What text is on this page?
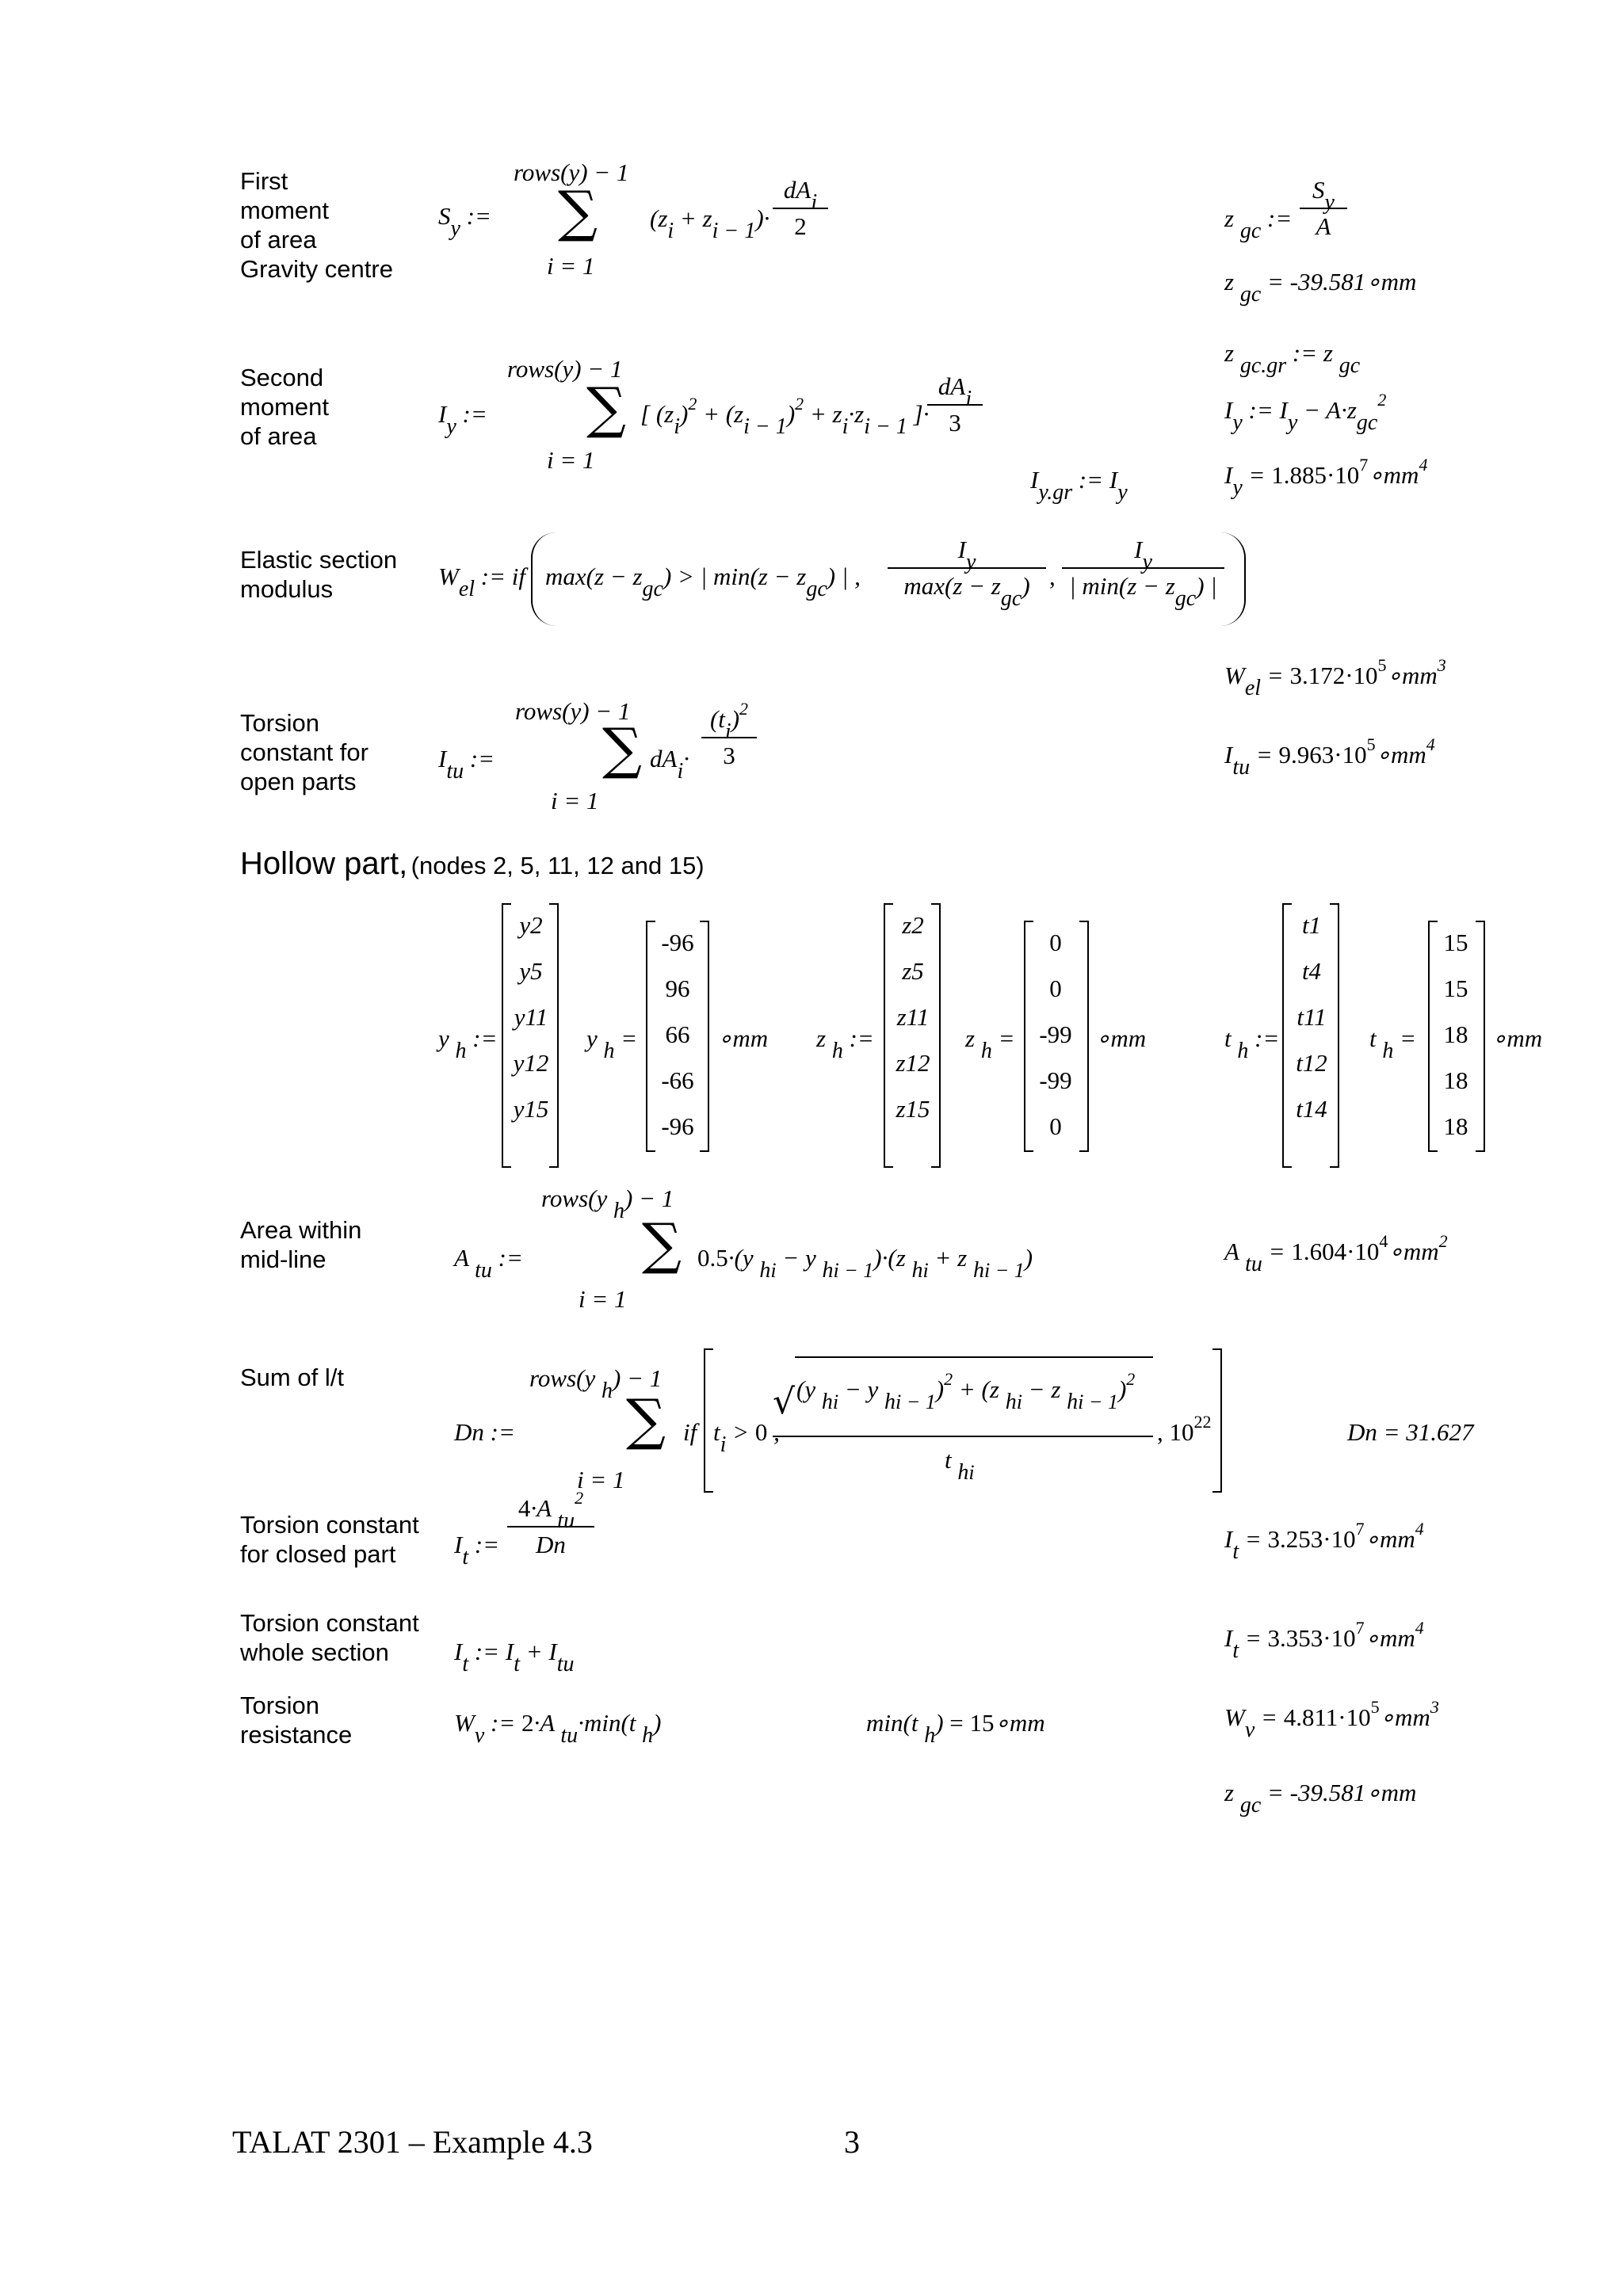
First
moment
of area
Gravity centre
Second
moment
of area
Elastic section
modulus
Torsion
constant for
open parts
Area within
mid-line
Sum of l/t
Torsion constant
for closed part
Torsion constant
whole section
Torsion
resistance
Sy :=
rows(y) − 1
∑
i = 1
(zi + zi − 1)·
dAi
2	z gc :=
Sy
A
z gc = -39.581∘mm
z gc.gr := z gc
Iy :=
rows(y) − 1
∑
i = 1
[ (zi)$^2$ + (zi − 1)$^2$ + zi·zi − 1 ]·
dAi
3	Iy := Iy − A·zgc$^2$
Iy.gr := Iy
$Iy = 1.885\cdot 10^7\circ mm^4$
Wel := if max(z − zgc) > | min(z − zgc) | ,
Iy
max(z − zgc) ,
Iy
| min(z − zgc) |
Wel = $3.172\cdot 10^5\circ mm^3$
Itu :=
rows(y) − 1
∑
i = 1
dAi·
(ti)$^2$
3	Itu = $9.963\cdot 10^5\circ mm^4$
Hollow part, (nodes 2, 5, 11, 12 and 15)
y h :=
y2
y5
y11
y12
y15
y h =
-96
96
66
-66
-96
∘mm z h :=
z2
z5
z11
z12
z15
z h =
0
0
-99
-99
0
∘mm	t h :=
t1
t4
t11
t12
t14
t h =
15
15
18
18
18
∘mm
A tu :=
rows(y h) − 1
∑
i = 1
0.5·(y hi − y hi − 1)·(z hi + z hi − 1)	A tu = $1.604\cdot 10^4\circ mm^2$
Dn :=
rows(y h) − 1
∑
i = 1
if ti > 0 ,
√ (y hi − y hi − 1)$^2$ + (z hi − z hi − 1)$^2$
t hi
, $10^{22}$	Dn = 31.627
It :=
4·A $tu^2$
Dn	$It = 3.253\cdot 10^7\circ mm^4$
It := It + Itu
$It = 3.353\cdot 10^7\circ mm^4$
Wv := 2·A tu·min(t h)	min(t h) = 15∘mm	$Wv = 4.811\cdot 10^5\circ mm^3$
z gc = -39.581∘mm
TALAT 2301 – Example 4.3	3
